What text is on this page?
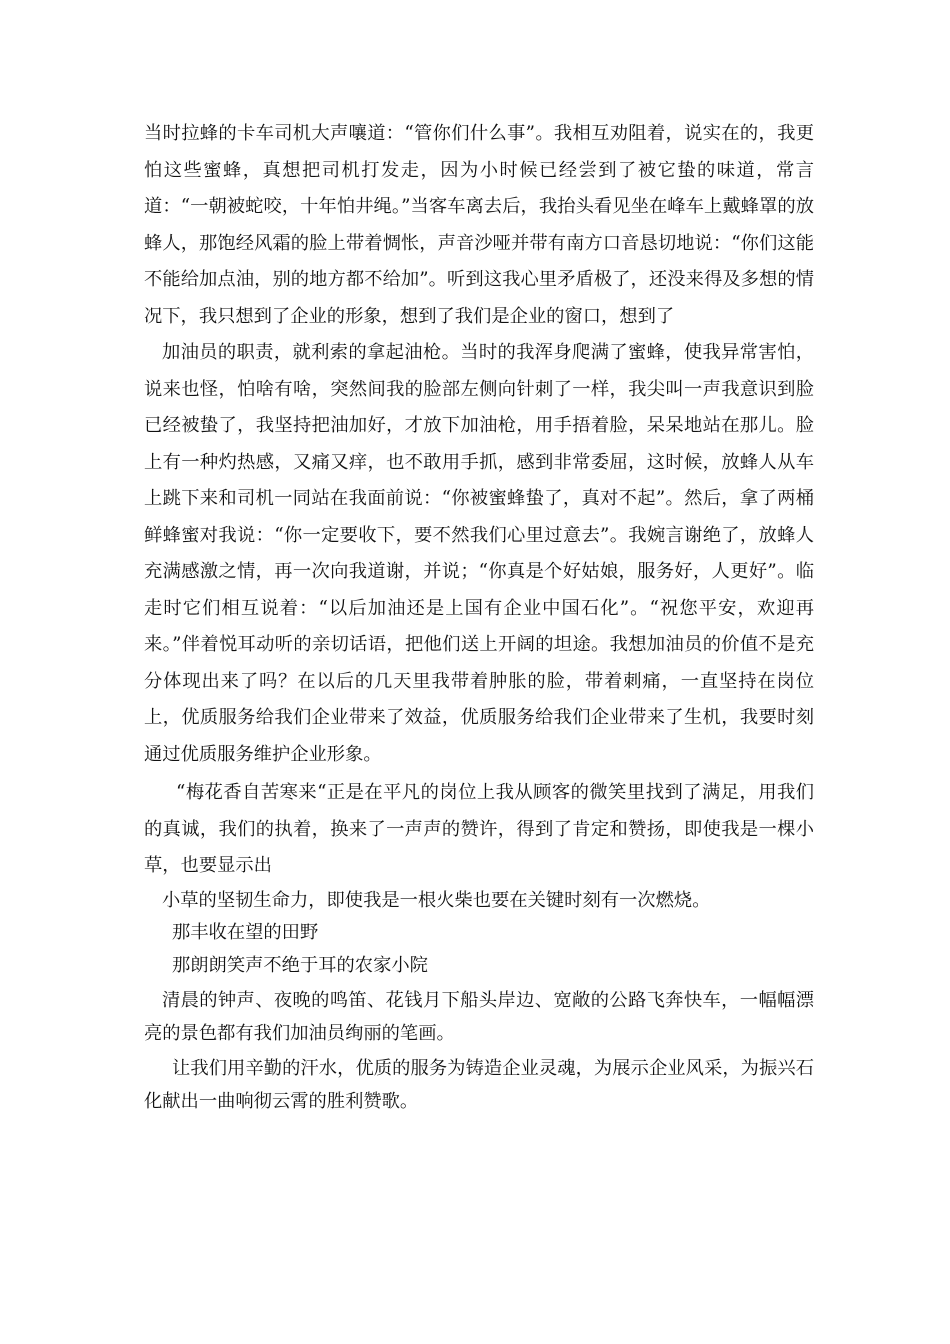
当时拉蜂的卡车司机大声嚷道：“管你们什么事”。我相互劝阻着，说实在的，我更怕这些蜜蜂，真想把司机打发走，因为小时候已经尝到了被它蛰的味道，常言道：“一朝被蛇咬，十年怕井绳。”当客车离去后，我抬头看见坐在峰车上戴蜂罩的放蜂人，那饱经风霜的脸上带着惆怅，声音沙哑并带有南方口音恳切地说：“你们这能不能给加点油，别的地方都不给加”。听到这我心里矛盾极了，还没来得及多想的情况下，我只想到了企业的形象，想到了我们是企业的窗口，想到了

加油员的职责，就利索的拿起油枪。当时的我浑身爬满了蜜蜂，使我异常害怕，说来也怪，怕啥有啥，突然间我的脸部左侧向针刺了一样，我尖叫一声我意识到脸已经被蛰了，我坚持把油加好，才放下加油枪，用手捂着脸，呆呆地站在那儿。脸上有一种灼热感，又痛又痒，也不敢用手抓，感到非常委屈，这时候，放蜂人从车上跳下来和司机一同站在我面前说：“你被蜜蜂蛰了，真对不起”。然后，拿了两桶鲜蜂蜜对我说：“你一定要收下，要不然我们心里过意去”。我婉言谢绝了，放蜂人充满感激之情，再一次向我道谢，并说；“你真是个好姑娘，服务好，人更好”。临走时它们相互说着：“以后加油还是上国有企业中国石化”。“祝您平安，欢迎再来。”伴着悦耳动听的亲切话语，把他们送上开阔的坦途。我想加油员的价值不是充分体现出来了吗？在以后的几天里我带着肿胀的脸，带着刺痛，一直坚持在岗位上，优质服务给我们企业带来了效益，优质服务给我们企业带来了生机，我要时刻通过优质服务维护企业形象。

“梅花香自苦寒来“正是在平凡的岗位上我从顾客的微笑里找到了满足，用我们的真诚，我们的执着，换来了一声声的赞许，得到了肯定和赞扬，即使我是一棵小草，也要显示出

小草的坚韧生命力，即使我是一根火柴也要在关键时刻有一次燃烧。

那丰收在望的田野

那朗朗笑声不绝于耳的农家小院

清晨的钟声、夜晚的鸣笛、花钱月下船头岸边、宽敞的公路飞奔快车，一幅幅漂亮的景色都有我们加油员绚丽的笔画。

让我们用辛勤的汗水，优质的服务为铸造企业灵魂，为展示企业风采，为振兴石化献出一曲响彻云霄的胜利赞歌。
